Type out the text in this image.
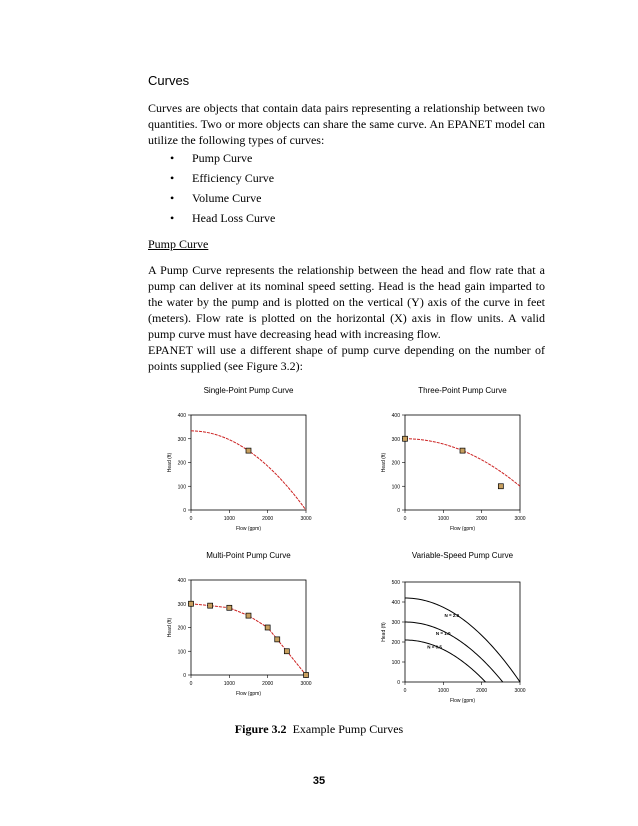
Curves
Curves are objects that contain data pairs representing a relationship between two quantities. Two or more objects can share the same curve. An EPANET model can utilize the following types of curves:
• Pump Curve
• Efficiency Curve
• Volume Curve
• Head Loss Curve
Pump Curve
A Pump Curve represents the relationship between the head and flow rate that a pump can deliver at its nominal speed setting. Head is the head gain imparted to the water by the pump and is plotted on the vertical (Y) axis of the curve in feet (meters). Flow rate is plotted on the horizontal (X) axis in flow units. A valid pump curve must have decreasing head with increasing flow.
EPANET will use a different shape of pump curve depending on the number of points supplied (see Figure 3.2):
Single-Point Pump Curve
0
100
200
300
400
0	1000	2000	3000
Flow (gpm)
Head (ft)
Three-Point Pump Curve
0
100
200
300
400
0	1000	2000	3000
Flow (gpm)
Head (ft)
Multi-Point Pump Curve
0
100
200
300
400
0	1000	2000	3000
Flow (gpm)
Head (ft)
Variable-Speed Pump Curve
0
100
200
300
400
500
0	1000	2000	3000
Flow (gpm)
Head (ft)
N = 2.0
N = 1.0
N = 0.5
Figure 3.2 Example Pump Curves
35
